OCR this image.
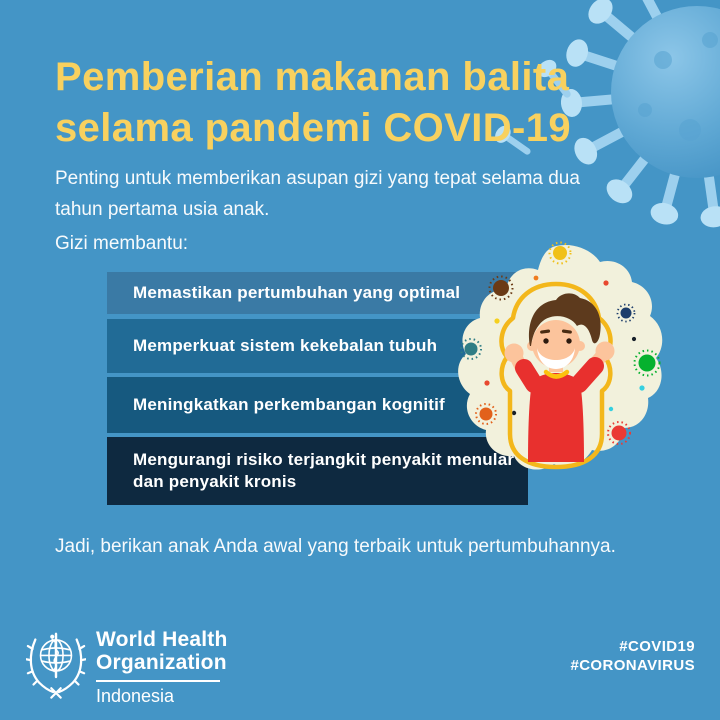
Pemberian makanan balita
selama pandemi COVID-19

Penting untuk memberikan asupan gizi yang tepat selama dua tahun pertama usia anak.

Gizi membantu:

Memastikan pertumbuhan yang optimal
Memperkuat sistem kekebalan tubuh
Meningkatkan perkembangan kognitif
Mengurangi risiko terjangkit penyakit menular dan penyakit kronis

Jadi, berikan anak Anda awal yang terbaik untuk pertumbuhannya.

World Health
Organization
Indonesia
#COVID19
#CORONAVIRUS
